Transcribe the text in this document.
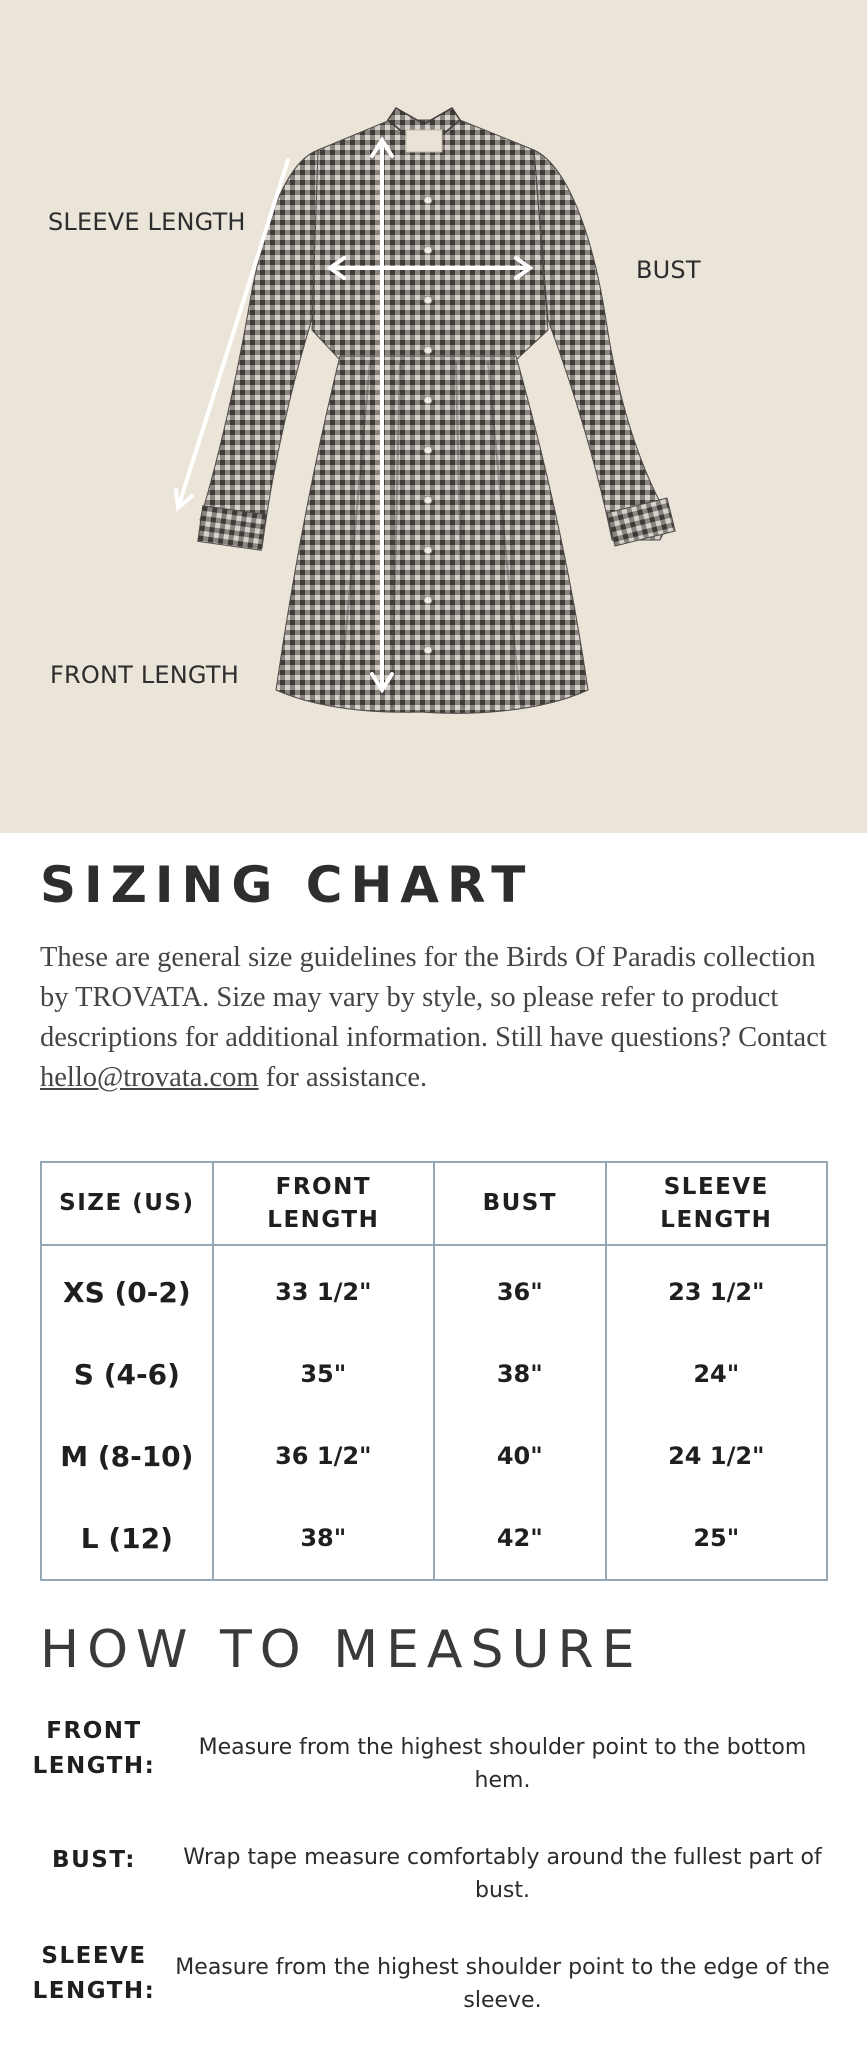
SLEEVE LENGTH
BUST
FRONT LENGTH
SIZING CHART

These are general size guidelines for the Birds Of Paradis collection by TROVATA. Size may vary by style, so please refer to product descriptions for additional information. Still have questions? Contact hello@trovata.com for assistance.

SIZE (US)	FRONT LENGTH	BUST	SLEEVE LENGTH
XS (0-2)	33 1/2"	36"	23 1/2"
S (4-6)	35"	38"	24"
M (8-10)	36 1/2"	40"	24 1/2"
L (12)	38"	42"	25"
HOW TO MEASURE
FRONT LENGTH:
Measure from the highest shoulder point to the bottom hem.
BUST:	Wrap tape measure comfortably around the fullest part of bust.
SLEEVE LENGTH:
Measure from the highest shoulder point to the edge of the sleeve.
